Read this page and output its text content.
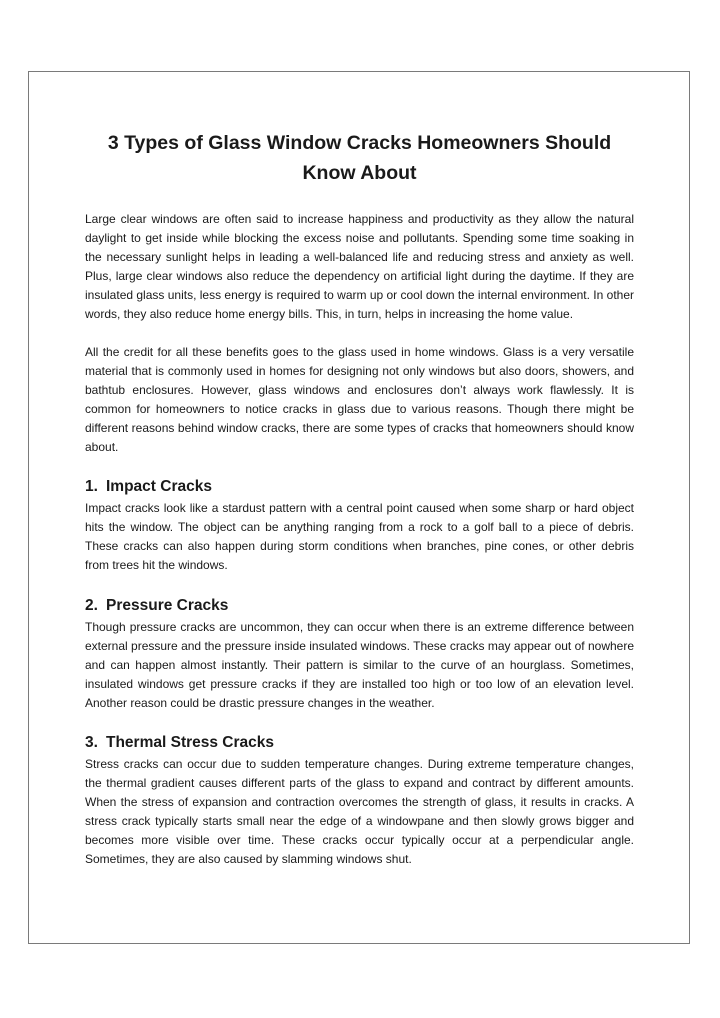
3 Types of Glass Window Cracks Homeowners Should Know About

Large clear windows are often said to increase happiness and productivity as they allow the natural daylight to get inside while blocking the excess noise and pollutants. Spending some time soaking in the necessary sunlight helps in leading a well-balanced life and reducing stress and anxiety as well. Plus, large clear windows also reduce the dependency on artificial light during the daytime. If they are insulated glass units, less energy is required to warm up or cool down the internal environment. In other words, they also reduce home energy bills. This, in turn, helps in increasing the home value.

All the credit for all these benefits goes to the glass used in home windows. Glass is a very versatile material that is commonly used in homes for designing not only windows but also doors, showers, and bathtub enclosures. However, glass windows and enclosures don’t always work flawlessly. It is common for homeowners to notice cracks in glass due to various reasons. Though there might be different reasons behind window cracks, there are some types of cracks that homeowners should know about.

1. Impact Cracks

Impact cracks look like a stardust pattern with a central point caused when some sharp or hard object hits the window. The object can be anything ranging from a rock to a golf ball to a piece of debris. These cracks can also happen during storm conditions when branches, pine cones, or other debris from trees hit the windows.

2. Pressure Cracks

Though pressure cracks are uncommon, they can occur when there is an extreme difference between external pressure and the pressure inside insulated windows. These cracks may appear out of nowhere and can happen almost instantly. Their pattern is similar to the curve of an hourglass. Sometimes, insulated windows get pressure cracks if they are installed too high or too low of an elevation level. Another reason could be drastic pressure changes in the weather.

3. Thermal Stress Cracks

Stress cracks can occur due to sudden temperature changes. During extreme temperature changes, the thermal gradient causes different parts of the glass to expand and contract by different amounts. When the stress of expansion and contraction overcomes the strength of glass, it results in cracks. A stress crack typically starts small near the edge of a windowpane and then slowly grows bigger and becomes more visible over time. These cracks occur typically occur at a perpendicular angle. Sometimes, they are also caused by slamming windows shut.
